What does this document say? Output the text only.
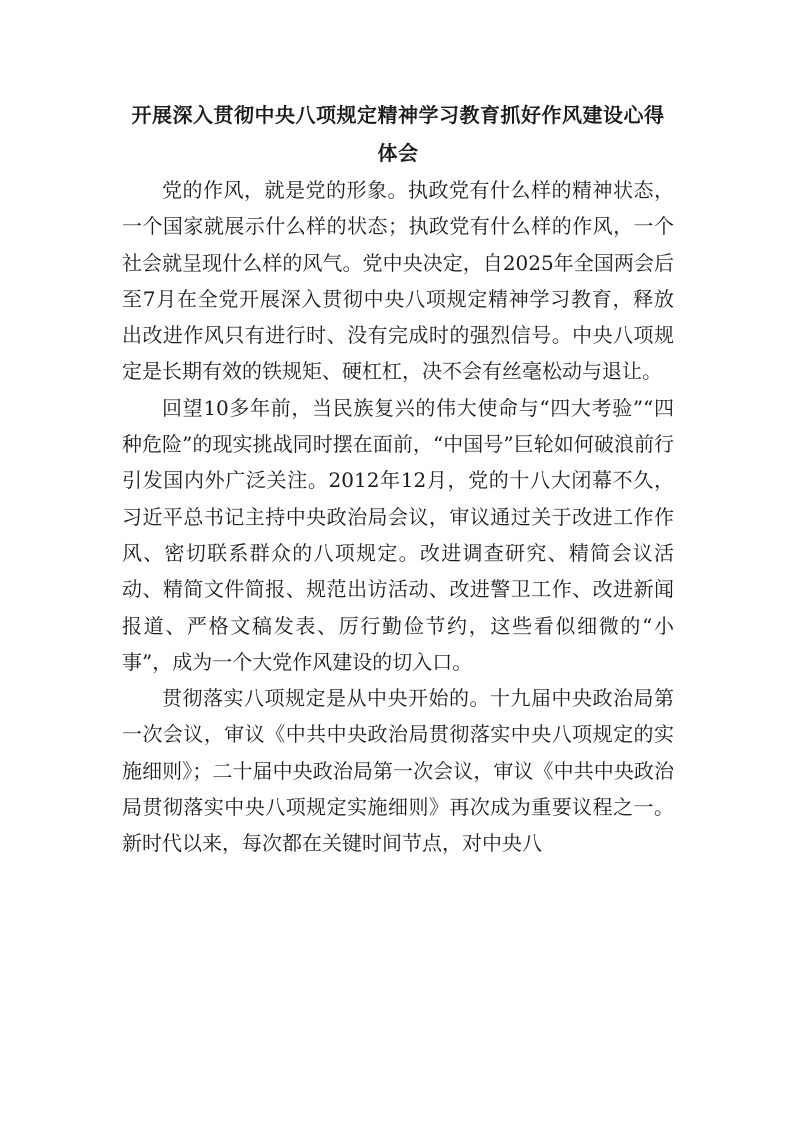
开展深入贯彻中央八项规定精神学习教育抓好作风建设心得体会

党的作风，就是党的形象。执政党有什么样的精神状态，一个国家就展示什么样的状态；执政党有什么样的作风，一个社会就呈现什么样的风气。党中央决定，自2025年全国两会后至7月在全党开展深入贯彻中央八项规定精神学习教育，释放出改进作风只有进行时、没有完成时的强烈信号。中央八项规定是长期有效的铁规矩、硬杠杠，决不会有丝毫松动与退让。

回望10多年前，当民族复兴的伟大使命与“四大考验”“四种危险”的现实挑战同时摆在面前，“中国号”巨轮如何破浪前行引发国内外广泛关注。2012年12月，党的十八大闭幕不久，习近平总书记主持中央政治局会议，审议通过关于改进工作作风、密切联系群众的八项规定。改进调查研究、精简会议活动、精简文件简报、规范出访活动、改进警卫工作、改进新闻报道、严格文稿发表、厉行勤俭节约，这些看似细微的“小事”，成为一个大党作风建设的切入口。

贯彻落实八项规定是从中央开始的。十九届中央政治局第一次会议，审议《中共中央政治局贯彻落实中央八项规定的实施细则》；二十届中央政治局第一次会议，审议《中共中央政治局贯彻落实中央八项规定实施细则》再次成为重要议程之一。新时代以来，每次都在关键时间节点，对中央八
